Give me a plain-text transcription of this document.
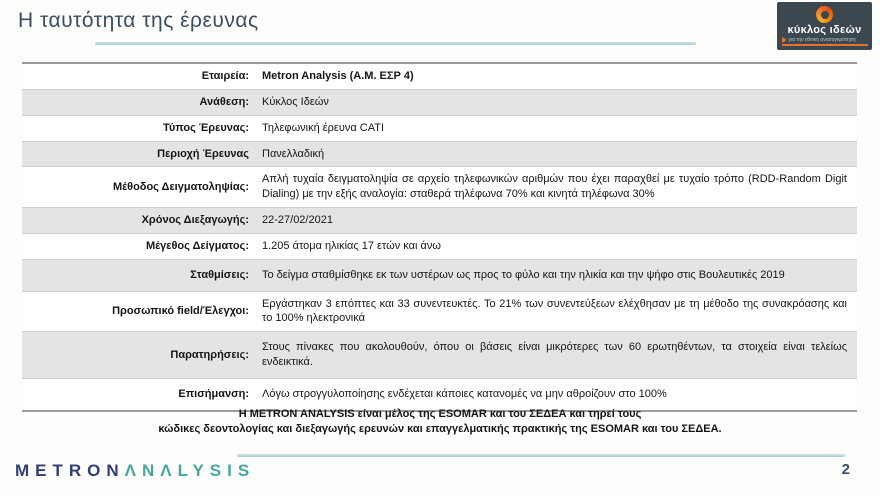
Η ταυτότητα της έρευνας	κύκλος ιδεών
για την εθνική ανασυγκρότηση
Εταιρεία:	Metron Analysis (Α.Μ. ΕΣΡ 4)
Ανάθεση:	Κύκλος Ιδεών
Τύπος Έρευνας:	Τηλεφωνική έρευνα CATI
Περιοχή Έρευνας	Πανελλαδική
Μέθοδος Δειγματοληψίας:	Απλή τυχαία δειγματοληψία σε αρχείο τηλεφωνικών αριθμών που έχει παραχθεί με τυχαίο τρόπο (RDD-Random Digit Dialing) με την εξής αναλογία: σταθερά τηλέφωνα 70% και κινητά τηλέφωνα 30%
Χρόνος Διεξαγωγής:	22-27/02/2021
Μέγεθος Δείγματος:	1.205 άτομα ηλικίας 17 ετών και άνω
Σταθμίσεις:	Το δείγμα σταθμίσθηκε εκ των υστέρων ως προς το φύλο και την ηλικία και την ψήφο στις Βουλευτικές 2019
Προσωπικό field/Έλεγχοι:	Εργάστηκαν 3 επόπτες και 33 συνεντευκτές. Το 21% των συνεντεύξεων ελέχθησαν με τη μέθοδο της συνακρόασης και το 100% ηλεκτρονικά
Παρατηρήσεις:	Στους πίνακες που ακολουθούν, όπου οι βάσεις είναι μικρότερες των 60 ερωτηθέντων, τα στοιχεία είναι τελείως ενδεικτικά.
Επισήμανση:	Λόγω στρογγυλοποίησης ενδέχεται κάποιες κατανομές να μην αθροίζουν στο 100%
Η METRON ANALYSIS είναι μέλος της ESOMAR και του ΣΕΔΕΑ και τηρεί τους
κώδικες δεοντολογίας και διεξαγωγής ερευνών και επαγγελματικής πρακτικής της ESOMAR και του ΣΕΔΕΑ.
METRONΛNΛLYSIS	2
